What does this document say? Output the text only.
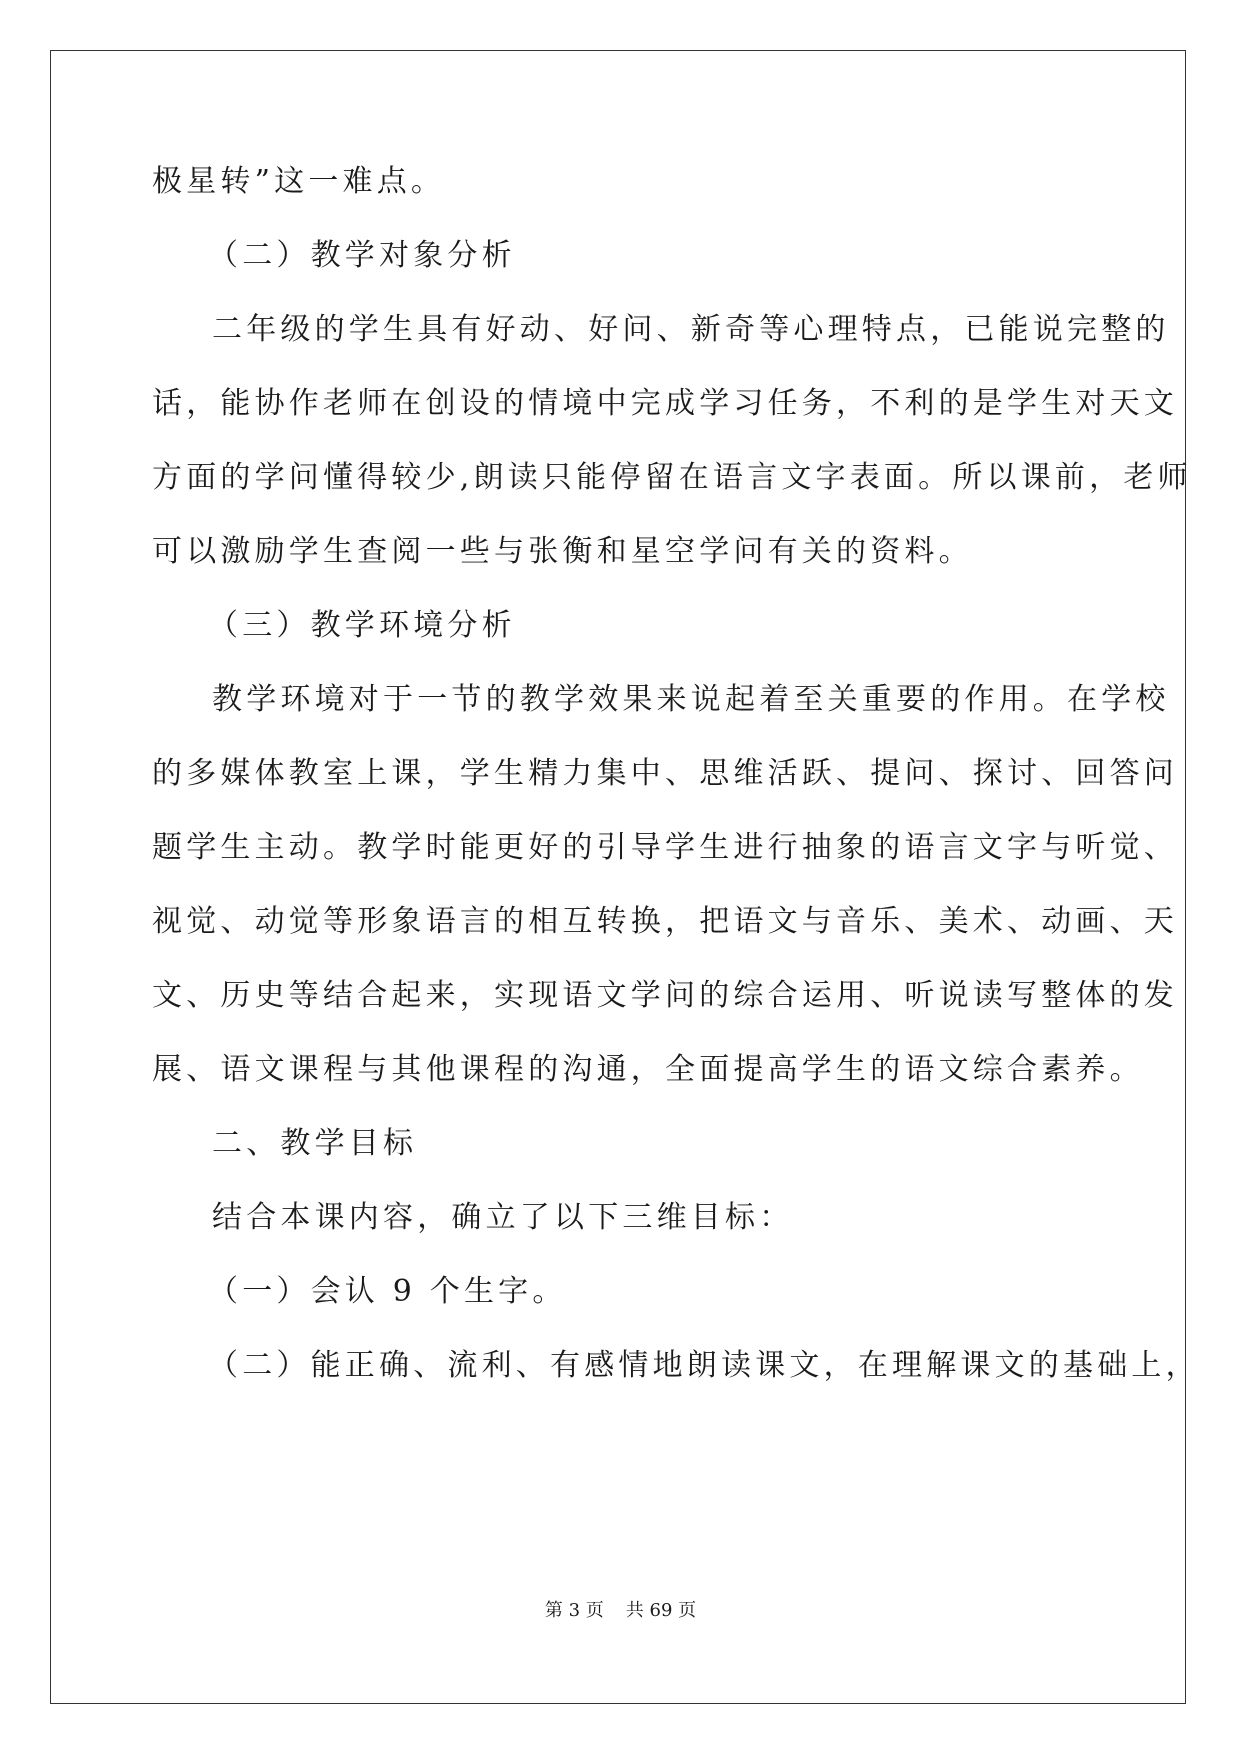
极星转”这一难点。
（二）教学对象分析
二年级的学生具有好动、好问、新奇等心理特点，已能说完整的
话，能协作老师在创设的情境中完成学习任务，不利的是学生对天文
方面的学问懂得较少,朗读只能停留在语言文字表面。所以课前，老师
可以激励学生查阅一些与张衡和星空学问有关的资料。
（三）教学环境分析
教学环境对于一节的教学效果来说起着至关重要的作用。在学校
的多媒体教室上课，学生精力集中、思维活跃、提问、探讨、回答问
题学生主动。教学时能更好的引导学生进行抽象的语言文字与听觉、
视觉、动觉等形象语言的相互转换，把语文与音乐、美术、动画、天
文、历史等结合起来，实现语文学问的综合运用、听说读写整体的发
展、语文课程与其他课程的沟通，全面提高学生的语文综合素养。
二、教学目标
结合本课内容，确立了以下三维目标：
（一）会认 9 个生字。
（二）能正确、流利、有感情地朗读课文，在理解课文的基础上，
第 3 页 共 69 页
